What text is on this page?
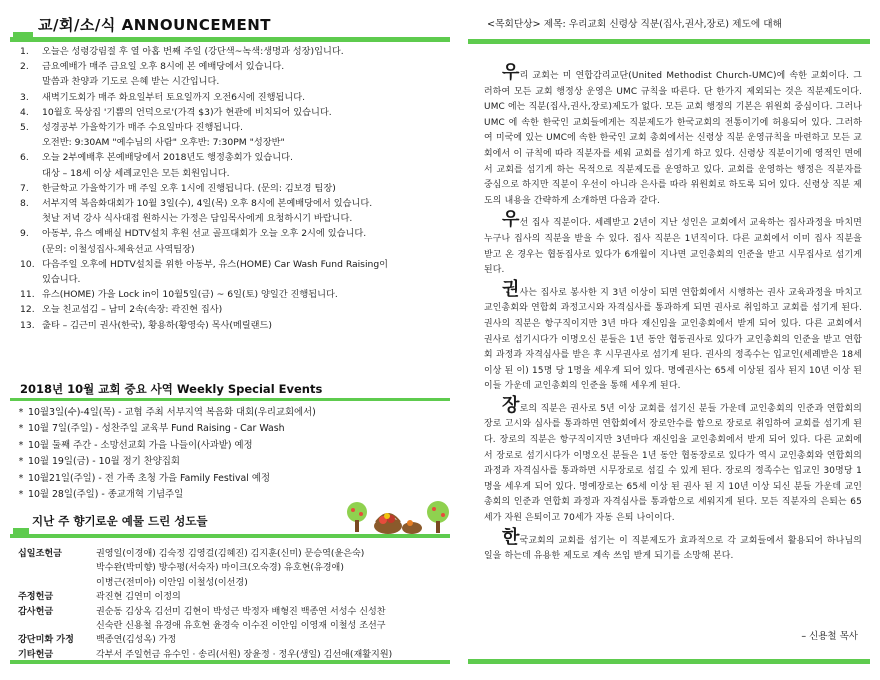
교/회/소/식 ANNOUNCEMENT
1.	오늘은 성령강림절 후 열 아홉 번째 주일 (강단색~녹색:생명과 성장)입니다.
2.	금요예배가 매주 금요일 오후 8시에 본 예배당에서 있습니다.
말씀과 찬양과 기도로 은혜 받는 시간입니다.
3.	새벽기도회가 매주 화요일부터 토요일까지 오전6시에 진행됩니다.
4.	10월호 묵상집 '기쁨의 언덕으로'(가격 $3)가 현관에 비치되어 있습니다.
5.	성경공부 가을학기가 매주 수요일마다 진행됩니다.
오전반: 9:30AM "예수님의 사람" 오후반: 7:30PM "성장반"
6.	오늘 2부예배후 본예배당에서 2018년도 행정총회가 있습니다.
대상 – 18세 이상 세례교인은 모든 회원입니다.
7.	한글학교 가을학기가 매 주일 오후 1시에 진행됩니다. (문의: 김보경 팀장)
8.	서부지역 복음화대회가 10월 3일(수), 4일(목) 오후 8시에 본예배당에서 있습니다.
첫날 저녁 강사 식사대접 원하시는 가정은 담임목사에게 요청하시기 바랍니다.
9.	아동부, 유스 예배실 HDTV설치 후원 선교 골프대회가 오늘 오후 2시에 있습니다.
(문의: 이철성집사-체육선교 사역팀장)
10. 다음주일 오후에 HDTV설치를 위한 아동부, 유스(HOME) Car Wash Fund Raising이
있습니다.
11. 유스(HOME) 가을 Lock in이 10월5일(금) ~ 6일(토) 양일간 진행됩니다.
12. 오늘 친교섬김 – 남미 2속(속장: 곽진현 집사)
13. 출타 – 김근미 권사(한국), 황용하(황영숙) 목사(메릴랜드)
2018년 10월 교회 중요 사역 Weekly Special Events
* 10월3일(수)-4일(목) - 교협 주최 서부지역 복음화 대회(우리교회에서)
* 10월 7일(주일) - 성찬주일 교육부 Fund Raising - Car Wash
* 10월 둘째 주간 - 소망선교회 가을 나들이(사과밭) 예정
* 10월 19일(금) - 10월 정기 찬양집회
* 10월21일(주일) - 전 가족 초청 가을 Family Festival 예정
* 10월 28일(주일) - 종교개혁 기념주일
지난 주 향기로운 예물 드린 성도들
십일조헌금	권영일(이경애) 김숙정 김영걸(김혜진) 김지훈(신미) 문승역(윤은숙)
박수완(박미향) 방수평(서숙자) 마이크(오숙경) 유호현(유경애)
이병근(전미아) 이안임 이철성(이선경)
주정헌금	곽진현 김연미 이정의
감사헌금	권순동 김상옥 김선미 김현이 박성근 박정자 배형진 백종연 서성수 신성찬
신숙란 신용철 유경애 유호현 윤경숙 이수진 이안임 이영재 이철성 조선구
강단미화 가정	백종연(김성옥) 가정
기타헌금	각부서 주일헌금 유수인 · 송리(서원) 장윤정 · 정우(생일) 김선애(재활지원)
<목회단상> 제목: 우리교회 신령상 직분(집사,권사,장로) 제도에 대해

우리 교회는 미 연합감리교단(United Methodist Church-UMC)에 속한 교회이다. 그러하여 모든 교회 행정상 운영은 UMC 규칙을 따른다. 단 한가지 제외되는 것은 직분제도이다. UMC 에는 직분(집사,권사,장로)제도가 없다. 모든 교회 행정의 기본은 위원회 중심이다. 그러나 UMC 에 속한 한국인 교회들에게는 직분제도가 한국교회의 전통이기에 허용되어 있다. 그러하여 미국에 있는 UMC에 속한 한국인 교회 총회에서는 신령상 직분 운영규칙을 마련하고 모든 교회에서 이 규칙에 따라 직분자를 세워 교회를 섬기게 하고 있다. 신령상 직분이기에 영적인 면에서 교회를 섬기게 하는 목적으로 직분제도를 운영하고 있다. 교회를 운영하는 행정은 직분자를 중심으로 하지만 직분이 우선이 아니라 은사를 따라 위원회로 하도록 되어 있다. 신령상 직분 제도의 내용을 간략하게 소개하면 다음과 같다.

우선 집사 직분이다. 세례받고 2년이 지난 성인은 교회에서 교육하는 집사과정을 마치면 누구나 집사의 직분을 받을 수 있다. 집사 직분은 1년직이다. 다른 교회에서 이미 집사 직분을 받고 온 경우는 협동집사로 있다가 6개월이 지나면 교인총회의 인준을 받고 시무집사로 섬기게 된다.

권사는 집사로 봉사한 지 3년 이상이 되면 연합회에서 시행하는 권사 교육과정을 마치고 교인총회와 연합회 과정고시와 자격심사를 통과하게 되면 권사로 취임하고 교회를 섬기게 된다. 권사의 직분은 항구직이지만 3년 마다 재신임을 교인총회에서 받게 되어 있다. 다른 교회에서 권사로 섬기시다가 이명오신 분들은 1년 동안 협동권사로 있다가 교인총회의 인준을 받고 연합회 과정과 자격심사를 받은 후 시무권사로 섬기게 된다. 권사의 정족수는 입교인(세례받은 18세 이상 된 이) 15명 당 1명을 세우게 되어 있다. 명예권사는 65세 이상된 집사 된지 10년 이상 된 이들 가운데 교인총회의 인준을 통해 세우게 된다.

장로의 직분은 권사로 5년 이상 교회를 섬기신 분들 가운데 교인총회의 인준과 연합회의 장로 고시와 심사를 통과하면 연합회에서 장로안수를 함으로 장로로 취임하여 교회를 섬기게 된다. 장로의 직분은 항구직이지만 3년마다 재신임을 교인총회에서 받게 되어 있다. 다른 교회에서 장로로 섬기시다가 이명오신 분들은 1년 동안 협동장로로 있다가 역시 교인총회와 연합회의 과정과 자격심사를 통과하면 시무장로로 섬길 수 있게 된다. 장로의 정족수는 입교인 30명당 1명을 세우게 되어 있다. 명예장로는 65세 이상 된 권사 된 지 10년 이상 되신 분들 가운데 교인총회의 인준과 연합회 과정과 자격심사를 통과함으로 세워지게 된다. 모든 직분자의 은퇴는 65세가 자원 은퇴이고 70세가 자동 은퇴 나이이다.

한국교회의 교회를 섬기는 이 직분제도가 효과적으로 각 교회들에서 활용되어 하나님의 일을 하는데 유용한 제도로 계속 쓰임 받게 되기를 소망해 본다.

– 신용철 목사
